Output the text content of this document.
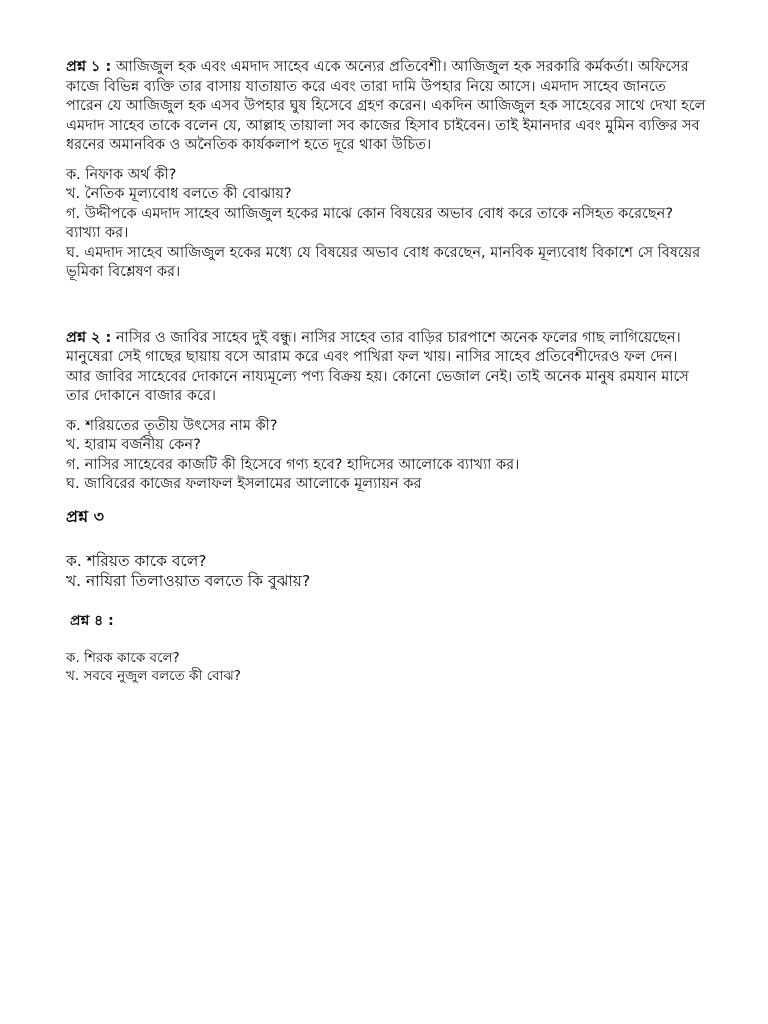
প্রশ্ন ১ : আজিজুল হক এবং এমদাদ সাহেব একে অন্যের প্রতিবেশী। আজিজুল হক সরকারি কর্মকর্তা। অফিসের কাজে বিভিন্ন ব্যক্তি তার বাসায় যাতায়াত করে এবং তারা দামি উপহার নিয়ে আসে। এমদাদ সাহেব জানতে পারেন যে আজিজুল হক এসব উপহার ঘুষ হিসেবে গ্রহণ করেন। একদিন আজিজুল হক সাহেবের সাথে দেখা হলে এমদাদ সাহেব তাকে বলেন যে, আল্লাহ তায়ালা সব কাজের হিসাব চাইবেন। তাই ইমানদার এবং মুমিন ব্যক্তির সব ধরনের অমানবিক ও অনৈতিক কার্যকলাপ হতে দূরে থাকা উচিত।

ক. নিফাক অর্থ কী?
খ. নৈতিক মূল্যবোধ বলতে কী বোঝায়?
গ. উদ্দীপকে এমদাদ সাহেব আজিজুল হকের মাঝে কোন বিষয়ের অভাব বোধ করে তাকে নসিহত করেছেন? ব্যাখ্যা কর।
ঘ. এমদাদ সাহেব আজিজুল হকের মধ্যে যে বিষয়ের অভাব বোধ করেছেন, মানবিক মূল্যবোধ বিকাশে সে বিষয়ের ভূমিকা বিশ্লেষণ কর।

প্রশ্ন ২ : নাসির ও জাবির সাহেব দুই বন্ধু। নাসির সাহেব তার বাড়ির চারপাশে অনেক ফলের গাছ লাগিয়েছেন। মানুষেরা সেই গাছের ছায়ায় বসে আরাম করে এবং পাখিরা ফল খায়। নাসির সাহেব প্রতিবেশীদেরও ফল দেন। আর জাবির সাহেবের দোকানে নায্যমূল্যে পণ্য বিক্রয় হয়। কোনো ভেজাল নেই। তাই অনেক মানুষ রমযান মাসে তার দোকানে বাজার করে।

ক. শরিয়তের তৃতীয় উৎসের নাম কী?
খ. হারাম বর্জনীয় কেন?
গ. নাসির সাহেবের কাজটি কী হিসেবে গণ্য হবে? হাদিসের আলোকে ব্যাখ্যা কর।
ঘ. জাবিরের কাজের ফলাফল ইসলামের আলোকে মূল্যায়ন কর
প্রশ্ন ৩
ক. শরিয়ত কাকে বলে?
খ. নাযিরা তিলাওয়াত বলতে কি বুঝায়?
প্রশ্ন ৪ :
ক. শিরক কাকে বলে?
খ. সববে নুজুল বলতে কী বোঝ?
